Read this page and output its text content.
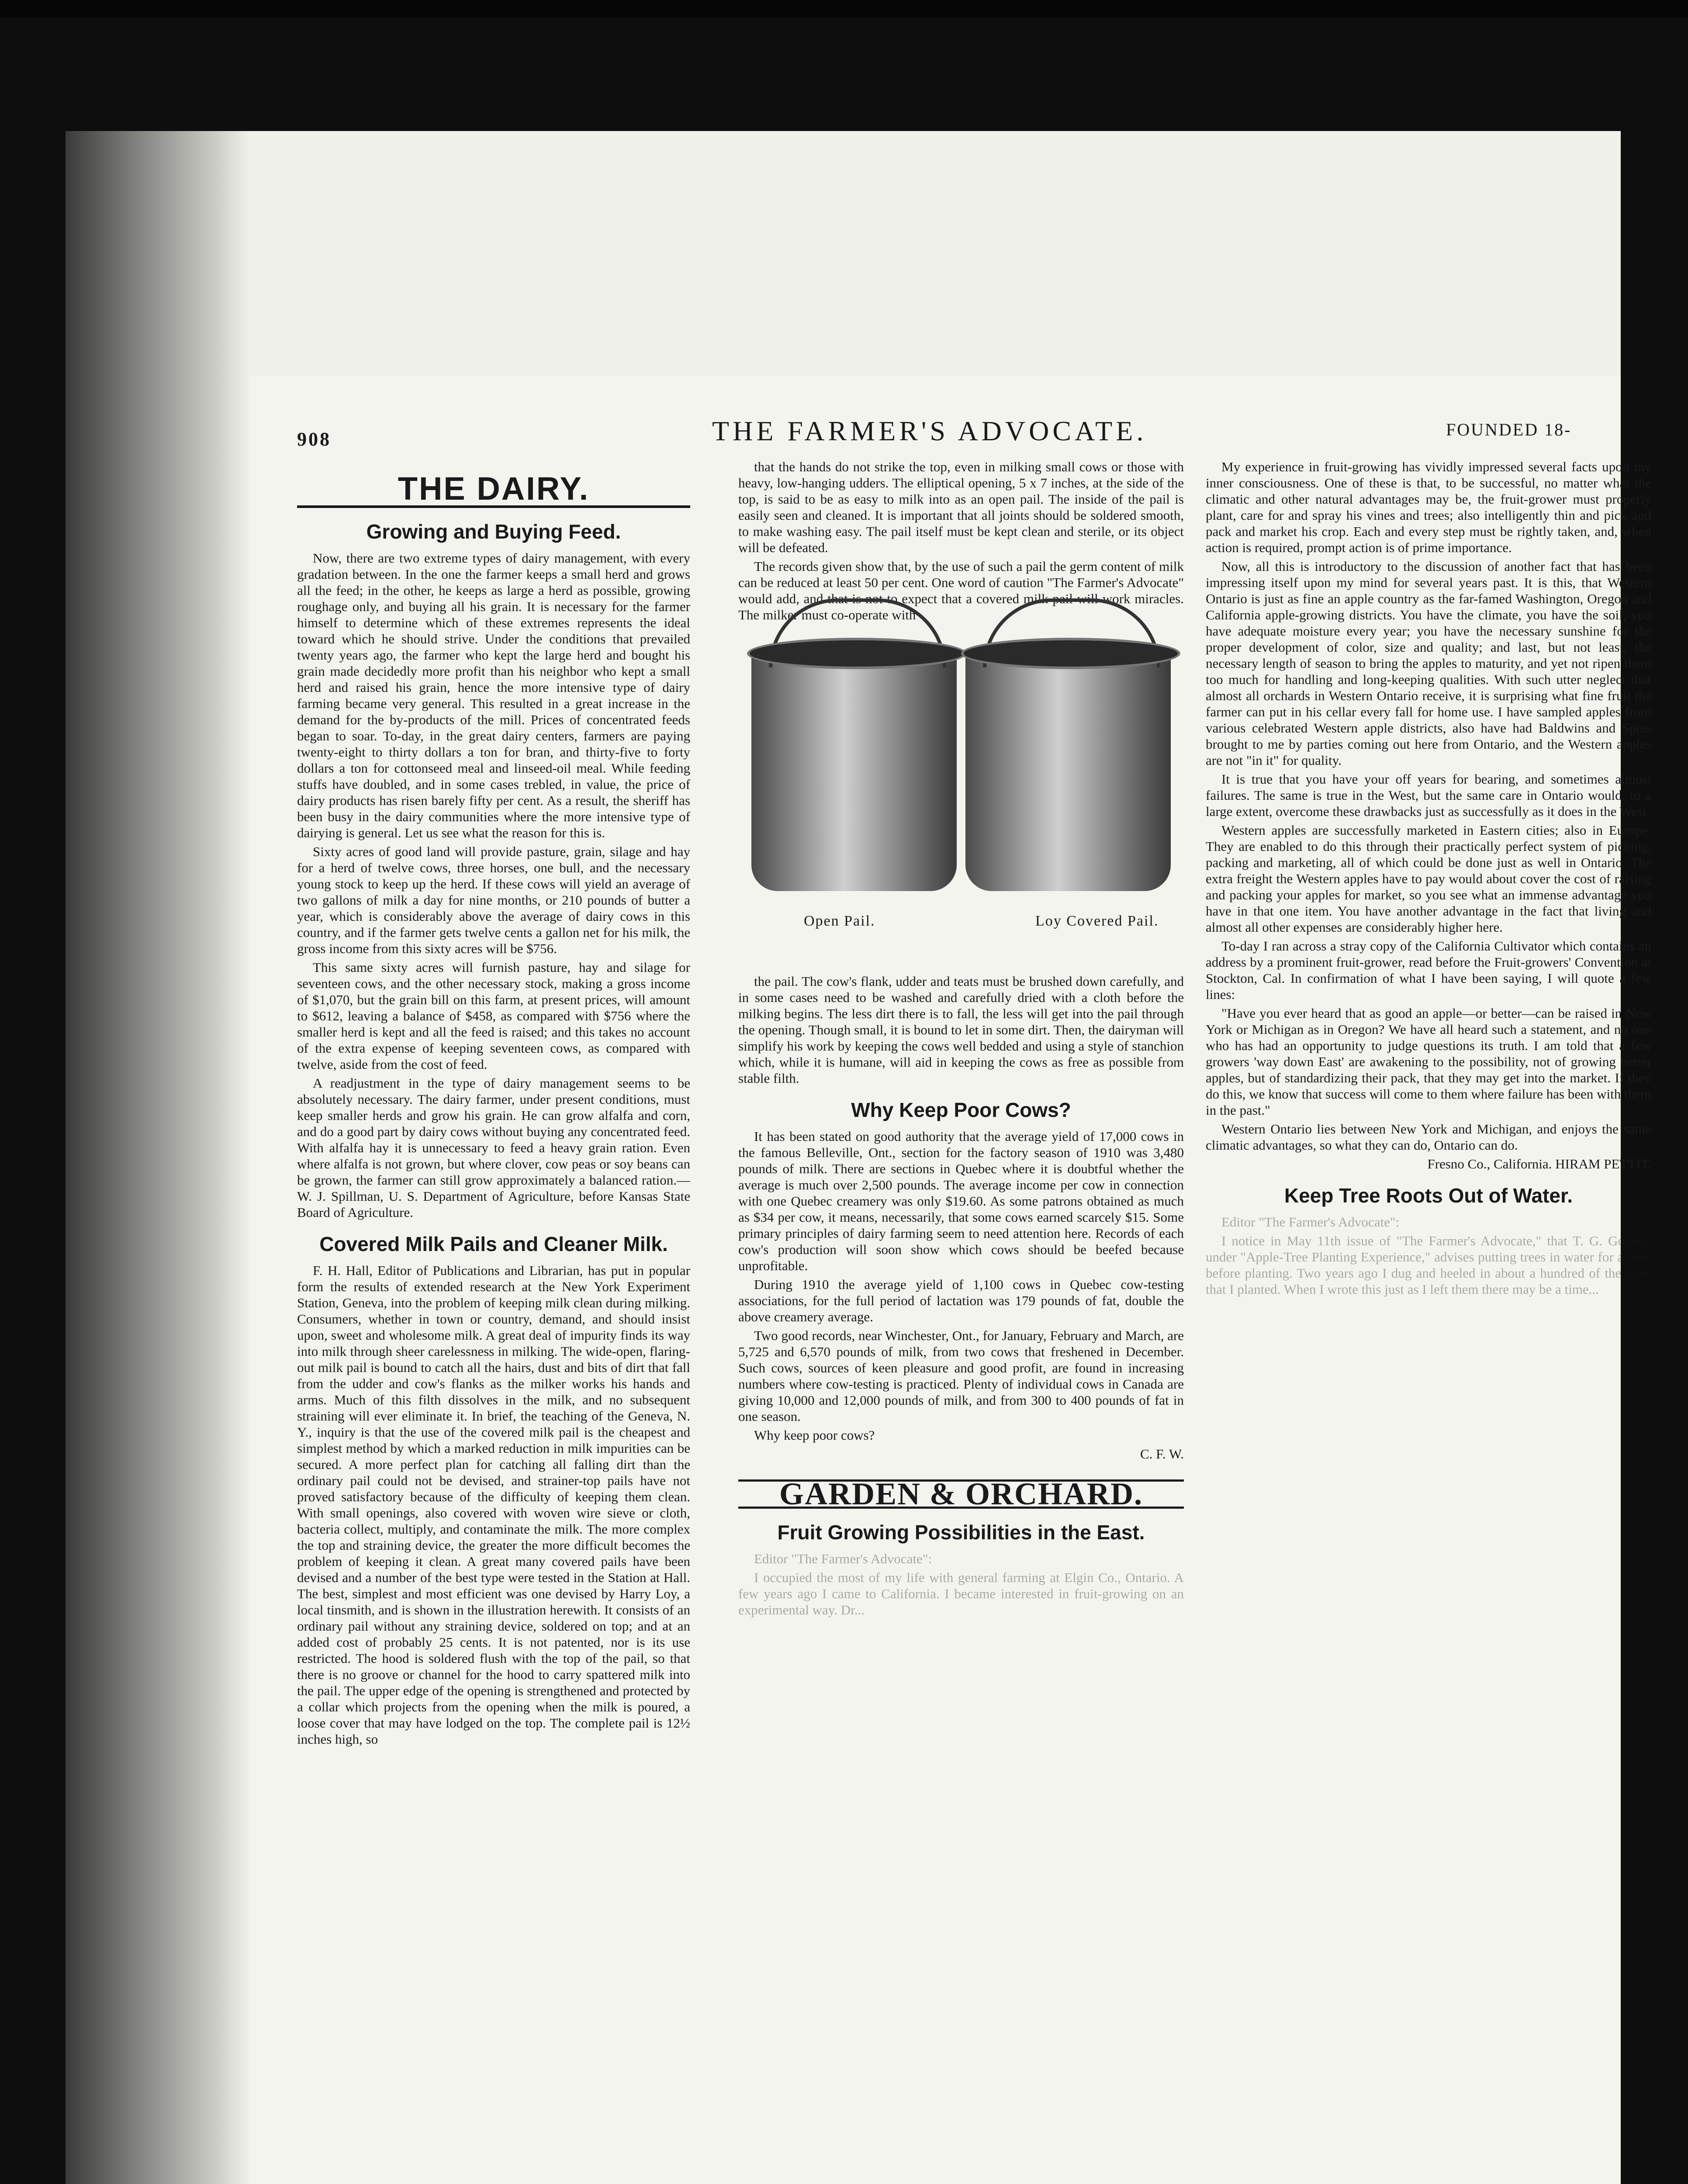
908	THE FARMER'S ADVOCATE.	FOUNDED 18-
THE DAIRY.
Growing and Buying Feed.

Now, there are two extreme types of dairy management, with every gradation between. In the one the farmer keeps a small herd and grows all the feed; in the other, he keeps as large a herd as possible, growing roughage only, and buying all his grain. It is necessary for the farmer himself to determine which of these extremes represents the ideal toward which he should strive. Under the conditions that prevailed twenty years ago, the farmer who kept the large herd and bought his grain made decidedly more profit than his neighbor who kept a small herd and raised his grain, hence the more intensive type of dairy farming became very general. This resulted in a great increase in the demand for the by-products of the mill. Prices of concentrated feeds began to soar. To-day, in the great dairy centers, farmers are paying twenty-eight to thirty dollars a ton for bran, and thirty-five to forty dollars a ton for cottonseed meal and linseed-oil meal. While feeding stuffs have doubled, and in some cases trebled, in value, the price of dairy products has risen barely fifty per cent. As a result, the sheriff has been busy in the dairy communities where the more intensive type of dairying is general. Let us see what the reason for this is.

Sixty acres of good land will provide pasture, grain, silage and hay for a herd of twelve cows, three horses, one bull, and the necessary young stock to keep up the herd. If these cows will yield an average of two gallons of milk a day for nine months, or 210 pounds of butter a year, which is considerably above the average of dairy cows in this country, and if the farmer gets twelve cents a gallon net for his milk, the gross income from this sixty acres will be $756.

This same sixty acres will furnish pasture, hay and silage for seventeen cows, and the other necessary stock, making a gross income of $1,070, but the grain bill on this farm, at present prices, will amount to $612, leaving a balance of $458, as compared with $756 where the smaller herd is kept and all the feed is raised; and this takes no account of the extra expense of keeping seventeen cows, as compared with twelve, aside from the cost of feed.

A readjustment in the type of dairy management seems to be absolutely necessary. The dairy farmer, under present conditions, must keep smaller herds and grow his grain. He can grow alfalfa and corn, and do a good part by dairy cows without buying any concentrated feed. With alfalfa hay it is unnecessary to feed a heavy grain ration. Even where alfalfa is not grown, but where clover, cow peas or soy beans can be grown, the farmer can still grow approximately a balanced ration.—W. J. Spillman, U. S. Department of Agriculture, before Kansas State Board of Agriculture.

Covered Milk Pails and Cleaner Milk.

F. H. Hall, Editor of Publications and Librarian, has put in popular form the results of extended research at the New York Experiment Station, Geneva, into the problem of keeping milk clean during milking. Consumers, whether in town or country, demand, and should insist upon, sweet and wholesome milk. A great deal of impurity finds its way into milk through sheer carelessness in milking. The wide-open, flaring-out milk pail is bound to catch all the hairs, dust and bits of dirt that fall from the udder and cow's flanks as the milker works his hands and arms. Much of this filth dissolves in the milk, and no subsequent straining will ever eliminate it. In brief, the teaching of the Geneva, N. Y., inquiry is that the use of the covered milk pail is the cheapest and simplest method by which a marked reduction in milk impurities can be secured. A more perfect plan for catching all falling dirt than the ordinary pail could not be devised, and strainer-top pails have not proved satisfactory because of the difficulty of keeping them clean. With small openings, also covered with woven wire sieve or cloth, bacteria collect, multiply, and contaminate the milk. The more complex the top and straining device, the greater the more difficult becomes the problem of keeping it clean. A great many covered pails have been devised and a number of the best type were tested in the Station at Hall. The best, simplest and most efficient was one devised by Harry Loy, a local tinsmith, and is shown in the illustration herewith. It consists of an ordinary pail without any straining device, soldered on top; and at an added cost of probably 25 cents. It is not patented, nor is its use restricted. The hood is soldered flush with the top of the pail, so that there is no groove or channel for the hood to carry spattered milk into the pail. The upper edge of the opening is strengthened and protected by a collar which projects from the opening when the milk is poured, a loose cover that may have lodged on the top. The complete pail is 12½ inches high, so

that the hands do not strike the top, even in milking small cows or those with heavy, low-hanging udders. The elliptical opening, 5 x 7 inches, at the side of the top, is said to be as easy to milk into as an open pail. The inside of the pail is easily seen and cleaned. It is important that all joints should be soldered smooth, to make washing easy. The pail itself must be kept clean and sterile, or its object will be defeated.

The records given show that, by the use of such a pail the germ content of milk can be reduced at least 50 per cent. One word of caution "The Farmer's Advocate" would add, and that is not to expect that a covered milk pail will work miracles. The milker must co-operate with

Open Pail.	Loy Covered Pail.

the pail. The cow's flank, udder and teats must be brushed down carefully, and in some cases need to be washed and carefully dried with a cloth before the milking begins. The less dirt there is to fall, the less will get into the pail through the opening. Though small, it is bound to let in some dirt. Then, the dairyman will simplify his work by keeping the cows well bedded and using a style of stanchion which, while it is humane, will aid in keeping the cows as free as possible from stable filth.

Why Keep Poor Cows?

It has been stated on good authority that the average yield of 17,000 cows in the famous Belleville, Ont., section for the factory season of 1910 was 3,480 pounds of milk. There are sections in Quebec where it is doubtful whether the average is much over 2,500 pounds. The average income per cow in connection with one Quebec creamery was only $19.60. As some patrons obtained as much as $34 per cow, it means, necessarily, that some cows earned scarcely $15. Some primary principles of dairy farming seem to need attention here. Records of each cow's production will soon show which cows should be beefed because unprofitable.

During 1910 the average yield of 1,100 cows in Quebec cow-testing associations, for the full period of lactation was 179 pounds of fat, double the above creamery average.

Two good records, near Winchester, Ont., for January, February and March, are 5,725 and 6,570 pounds of milk, from two cows that freshened in December. Such cows, sources of keen pleasure and good profit, are found in increasing numbers where cow-testing is practiced. Plenty of individual cows in Canada are giving 10,000 and 12,000 pounds of milk, and from 300 to 400 pounds of fat in one season.

Why keep poor cows?

C. F. W.
GARDEN & ORCHARD.
Fruit Growing Possibilities in the East.

Editor "The Farmer's Advocate":

I occupied the most of my life with general farming at Elgin Co., Ontario. A few years ago I came to California. I became interested in fruit-growing on an experimental way. Dr...

My experience in fruit-growing has vividly impressed several facts upon my inner consciousness. One of these is that, to be successful, no matter what the climatic and other natural advantages may be, the fruit-grower must properly plant, care for and spray his vines and trees; also intelligently thin and pick and pack and market his crop. Each and every step must be rightly taken, and, when action is required, prompt action is of prime importance.

Now, all this is introductory to the discussion of another fact that has been impressing itself upon my mind for several years past. It is this, that Western Ontario is just as fine an apple country as the far-famed Washington, Oregon and California apple-growing districts. You have the climate, you have the soil, you have adequate moisture every year; you have the necessary sunshine for the proper development of color, size and quality; and last, but not least, the necessary length of season to bring the apples to maturity, and yet not ripen them too much for handling and long-keeping qualities. With such utter neglect that almost all orchards in Western Ontario receive, it is surprising what fine fruit the farmer can put in his cellar every fall for home use. I have sampled apples from various celebrated Western apple districts, also have had Baldwins and Spies brought to me by parties coming out here from Ontario, and the Western apples are not "in it" for quality.

It is true that you have your off years for bearing, and sometimes almost failures. The same is true in the West, but the same care in Ontario would, to a large extent, overcome these drawbacks just as successfully as it does in the West.

Western apples are successfully marketed in Eastern cities; also in Europe. They are enabled to do this through their practically perfect system of picking, packing and marketing, all of which could be done just as well in Ontario. The extra freight the Western apples have to pay would about cover the cost of raising and packing your apples for market, so you see what an immense advantage you have in that one item. You have another advantage in the fact that living and almost all other expenses are considerably higher here.

To-day I ran across a stray copy of the California Cultivator which contains an address by a prominent fruit-grower, read before the Fruit-growers' Convention at Stockton, Cal. In confirmation of what I have been saying, I will quote a few lines:

"Have you ever heard that as good an apple—or better—can be raised in New York or Michigan as in Oregon? We have all heard such a statement, and no one who has had an opportunity to judge questions its truth. I am told that a few growers 'way down East' are awakening to the possibility, not of growing better apples, but of standardizing their pack, that they may get into the market. If they do this, we know that success will come to them where failure has been with them in the past."

Western Ontario lies between New York and Michigan, and enjoys the same climatic advantages, so what they can do, Ontario can do.

Fresno Co., California. HIRAM PETTIT.
Keep Tree Roots Out of Water.

Editor "The Farmer's Advocate":

I notice in May 11th issue of "The Farmer's Advocate," that T. G. Golden, under "Apple-Tree Planting Experience," advises putting trees in water for a time before planting. Two years ago I dug and heeled in about a hundred of the trees that I planted. When I wrote this just as I left them there may be a time...
